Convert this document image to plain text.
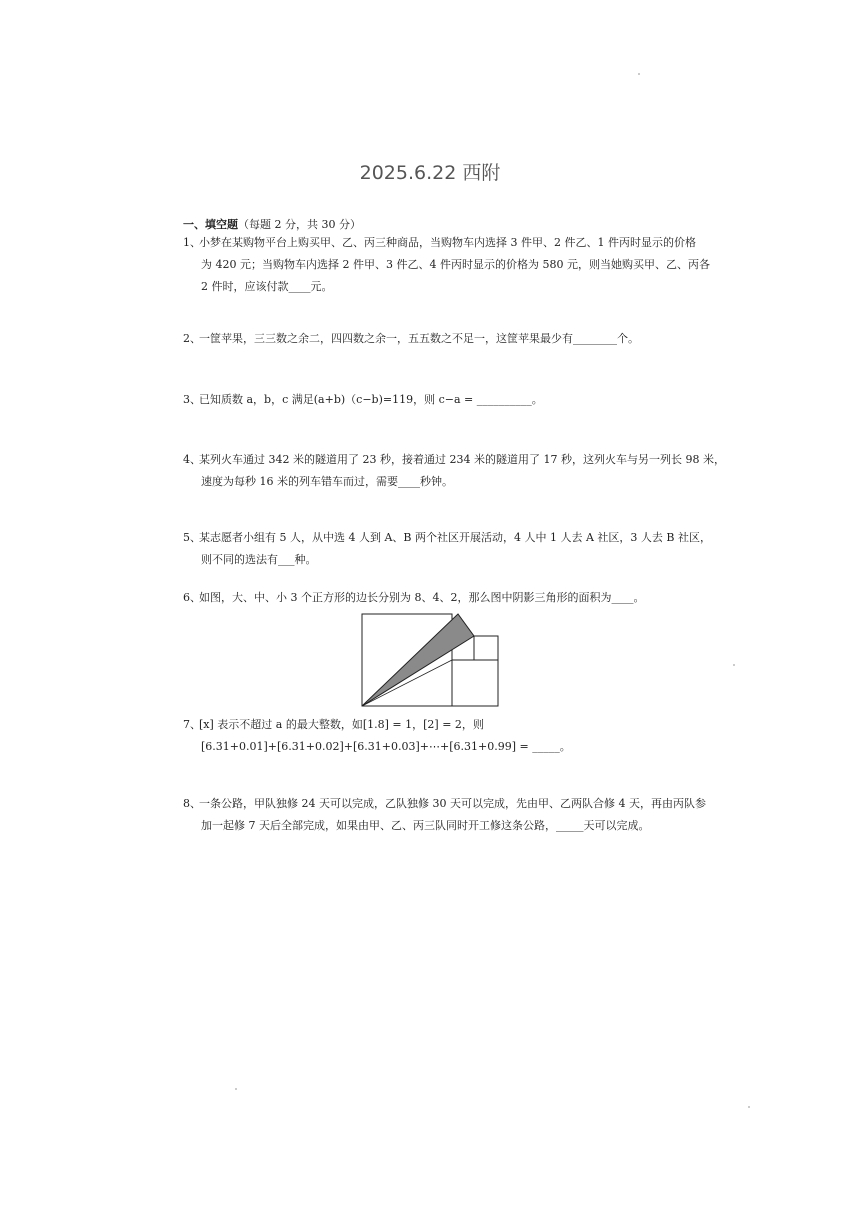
2025.6.22 西附
一、填空题（每题 2 分，共 30 分）
1、小梦在某购物平台上购买甲、乙、丙三种商品，当购物车内选择 3 件甲、2 件乙、1 件丙时显示的价格
为 420 元；当购物车内选择 2 件甲、3 件乙、4 件丙时显示的价格为 580 元，则当她购买甲、乙、丙各
2 件时，应该付款____元。
2、一筐苹果，三三数之余二，四四数之余一，五五数之不足一，这筐苹果最少有________个。
3、已知质数 a，b，c 满足(a+b)（c−b)=119，则 c−a = __________。
4、某列火车通过 342 米的隧道用了 23 秒，接着通过 234 米的隧道用了 17 秒，这列火车与另一列长 98 米，
速度为每秒 16 米的列车错车而过，需要____秒钟。
5、某志愿者小组有 5 人，从中选 4 人到 A、B 两个社区开展活动，4 人中 1 人去 A 社区，3 人去 B 社区，
则不同的选法有___种。
6、如图，大、中、小 3 个正方形的边长分别为 8、4、2，那么图中阴影三角形的面积为____。
7、[x] 表示不超过 a 的最大整数，如[1.8] = 1，[2] = 2，则
[6.31+0.01]+[6.31+0.02]+[6.31+0.03]+⋯+[6.31+0.99] = _____。
8、一条公路，甲队独修 24 天可以完成，乙队独修 30 天可以完成，先由甲、乙两队合修 4 天，再由丙队参
加一起修 7 天后全部完成，如果由甲、乙、丙三队同时开工修这条公路，_____天可以完成。
